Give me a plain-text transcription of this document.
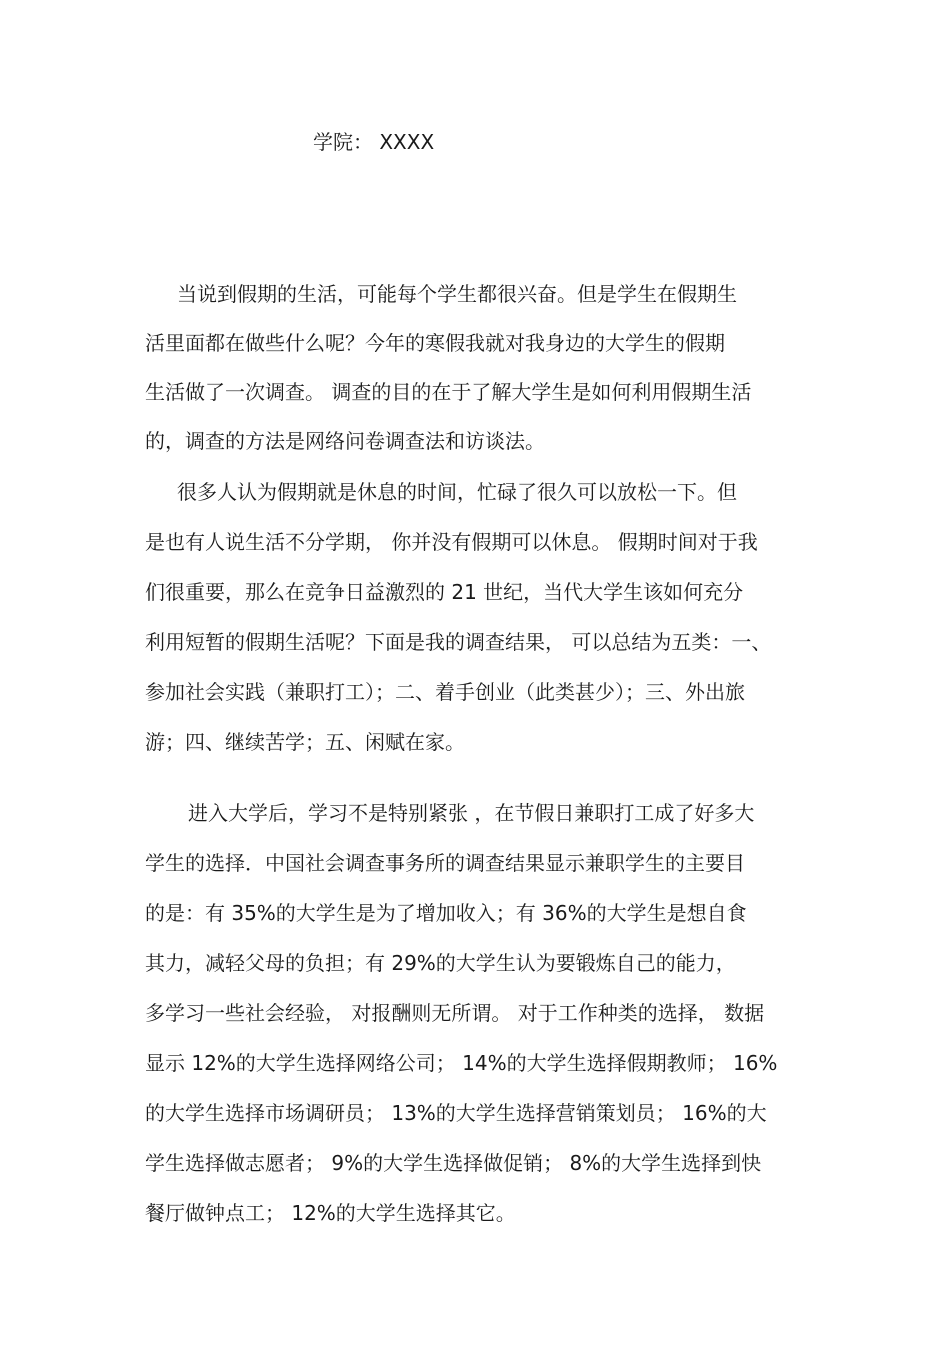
学院： XXXX
当说到假期的生活，可能每个学生都很兴奋。但是学生在假期生
活里面都在做些什么呢？今年的寒假我就对我身边的大学生的假期
生活做了一次调查。 调查的目的在于了解大学生是如何利用假期生活
的，调查的方法是网络问卷调查法和访谈法。
很多人认为假期就是休息的时间，忙碌了很久可以放松一下。但
是也有人说生活不分学期， 你并没有假期可以休息。 假期时间对于我
们很重要，那么在竞争日益激烈的 21 世纪，当代大学生该如何充分
利用短暂的假期生活呢？下面是我的调查结果， 可以总结为五类：一、
参加社会实践（兼职打工）；二、着手创业（此类甚少）；三、外出旅
游；四、继续苦学；五、闲赋在家。
进入大学后，学习不是特别紧张 ，在节假日兼职打工成了好多大
学生的选择．中国社会调查事务所的调查结果显示兼职学生的主要目
的是：有 35%的大学生是为了增加收入；有 36%的大学生是想自食
其力，减轻父母的负担；有 29%的大学生认为要锻炼自己的能力，
多学习一些社会经验， 对报酬则无所谓。 对于工作种类的选择， 数据
显示 12%的大学生选择网络公司； 14%的大学生选择假期教师； 16%
的大学生选择市场调研员； 13%的大学生选择营销策划员； 16%的大
学生选择做志愿者； 9%的大学生选择做促销； 8%的大学生选择到快
餐厅做钟点工； 12%的大学生选择其它。
